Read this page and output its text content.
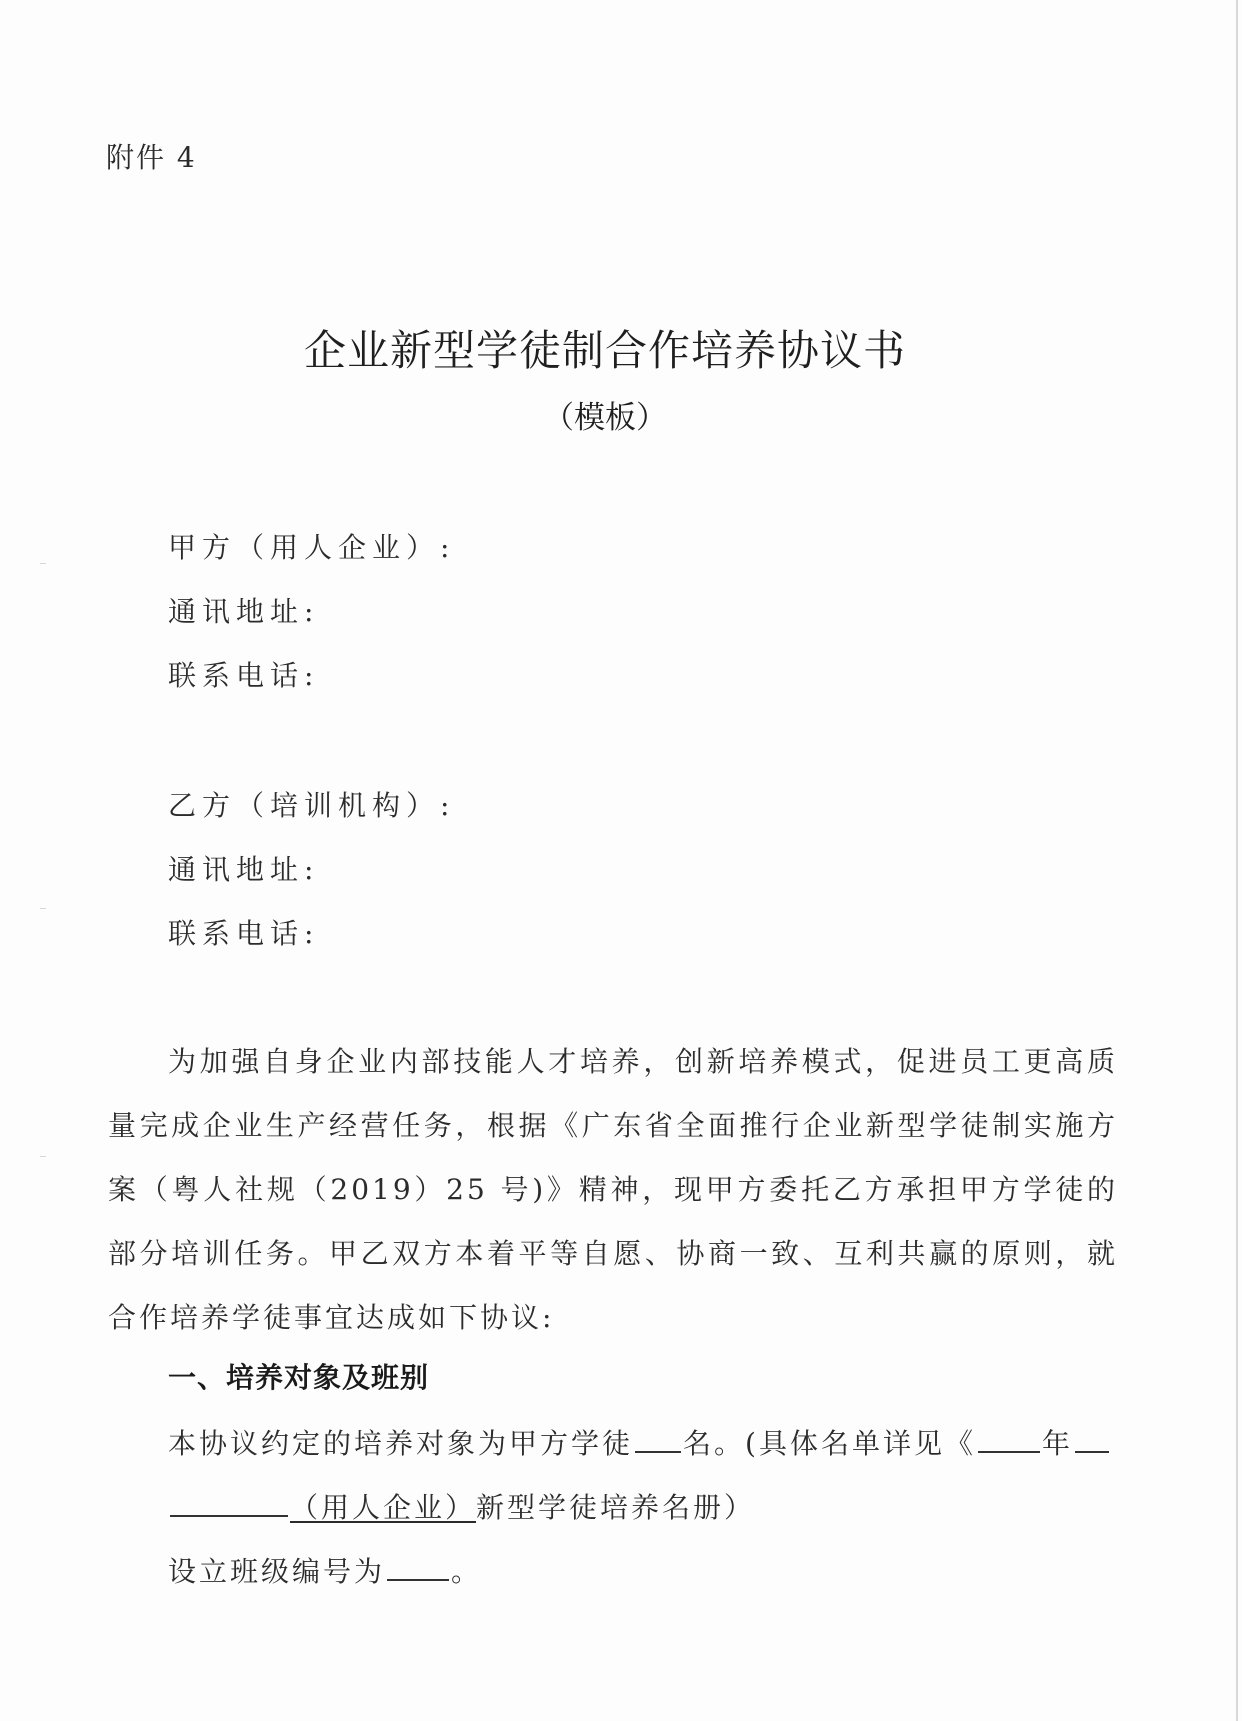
附件 4
企业新型学徒制合作培养协议书
（模板）
甲方（用人企业）:
通讯地址:
联系电话:
乙方（培训机构）:
通讯地址:
联系电话:
为加强自身企业内部技能人才培养，创新培养模式，促进员工更高质量完成企业生产经营任务，根据《广东省全面推行企业新型学徒制实施方案（粤人社规（2019）25 号)》精神，现甲方委托乙方承担甲方学徒的部分培训任务。甲乙双方本着平等自愿、协商一致、互利共赢的原则，就合作培养学徒事宜达成如下协议:
一、培养对象及班别
本协议约定的培养对象为甲方学徒 名。(具体名单详见《 年
（用人企业）新型学徒培养名册）
设立班级编号为 。
